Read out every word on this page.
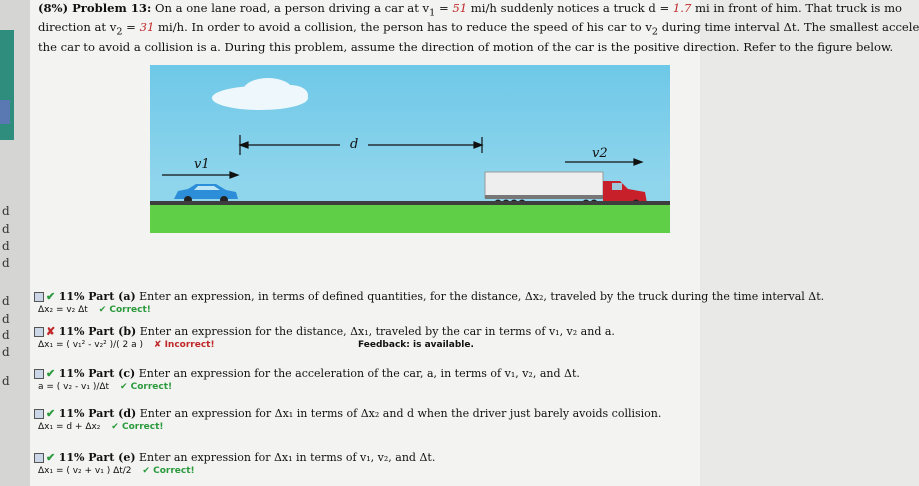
d
d
d
d
d
d
d
d
d
(8%) Problem 13: On a one lane road, a person driving a car at $v_1 = 51$ mi/h suddenly notices a truck d = 1.7 mi in front of him. That truck is mo
direction at $v_2 = 31$ mi/h. In order to avoid a collision, the person has to reduce the speed of his car to $v_2$ during time interval Δt. The smallest accele
the car to avoid a collision is a. During this problem, assume the direction of motion of the car is the positive direction. Refer to the figure below.
d
v1
v2
✔ 11% Part (a) Enter an expression, in terms of defined quantities, for the distance, Δx₂, traveled by the truck during the time interval Δt.
Δx₂ = v₂ Δt ✔ Correct!
✘ 11% Part (b) Enter an expression for the distance, Δx₁, traveled by the car in terms of v₁, v₂ and a.
Δx₁ = ( v₁² - v₂² )/( 2 a ) ✘ Incorrect!	Feedback: is available.
✔ 11% Part (c) Enter an expression for the acceleration of the car, a, in terms of v₁, v₂, and Δt.
a = ( v₂ - v₁ )/Δt ✔ Correct!
✔ 11% Part (d) Enter an expression for Δx₁ in terms of Δx₂ and d when the driver just barely avoids collision.
Δx₁ = d + Δx₂ ✔ Correct!
✔ 11% Part (e) Enter an expression for Δx₁ in terms of v₁, v₂, and Δt.
Δx₁ = ( v₂ + v₁ ) Δt/2 ✔ Correct!
